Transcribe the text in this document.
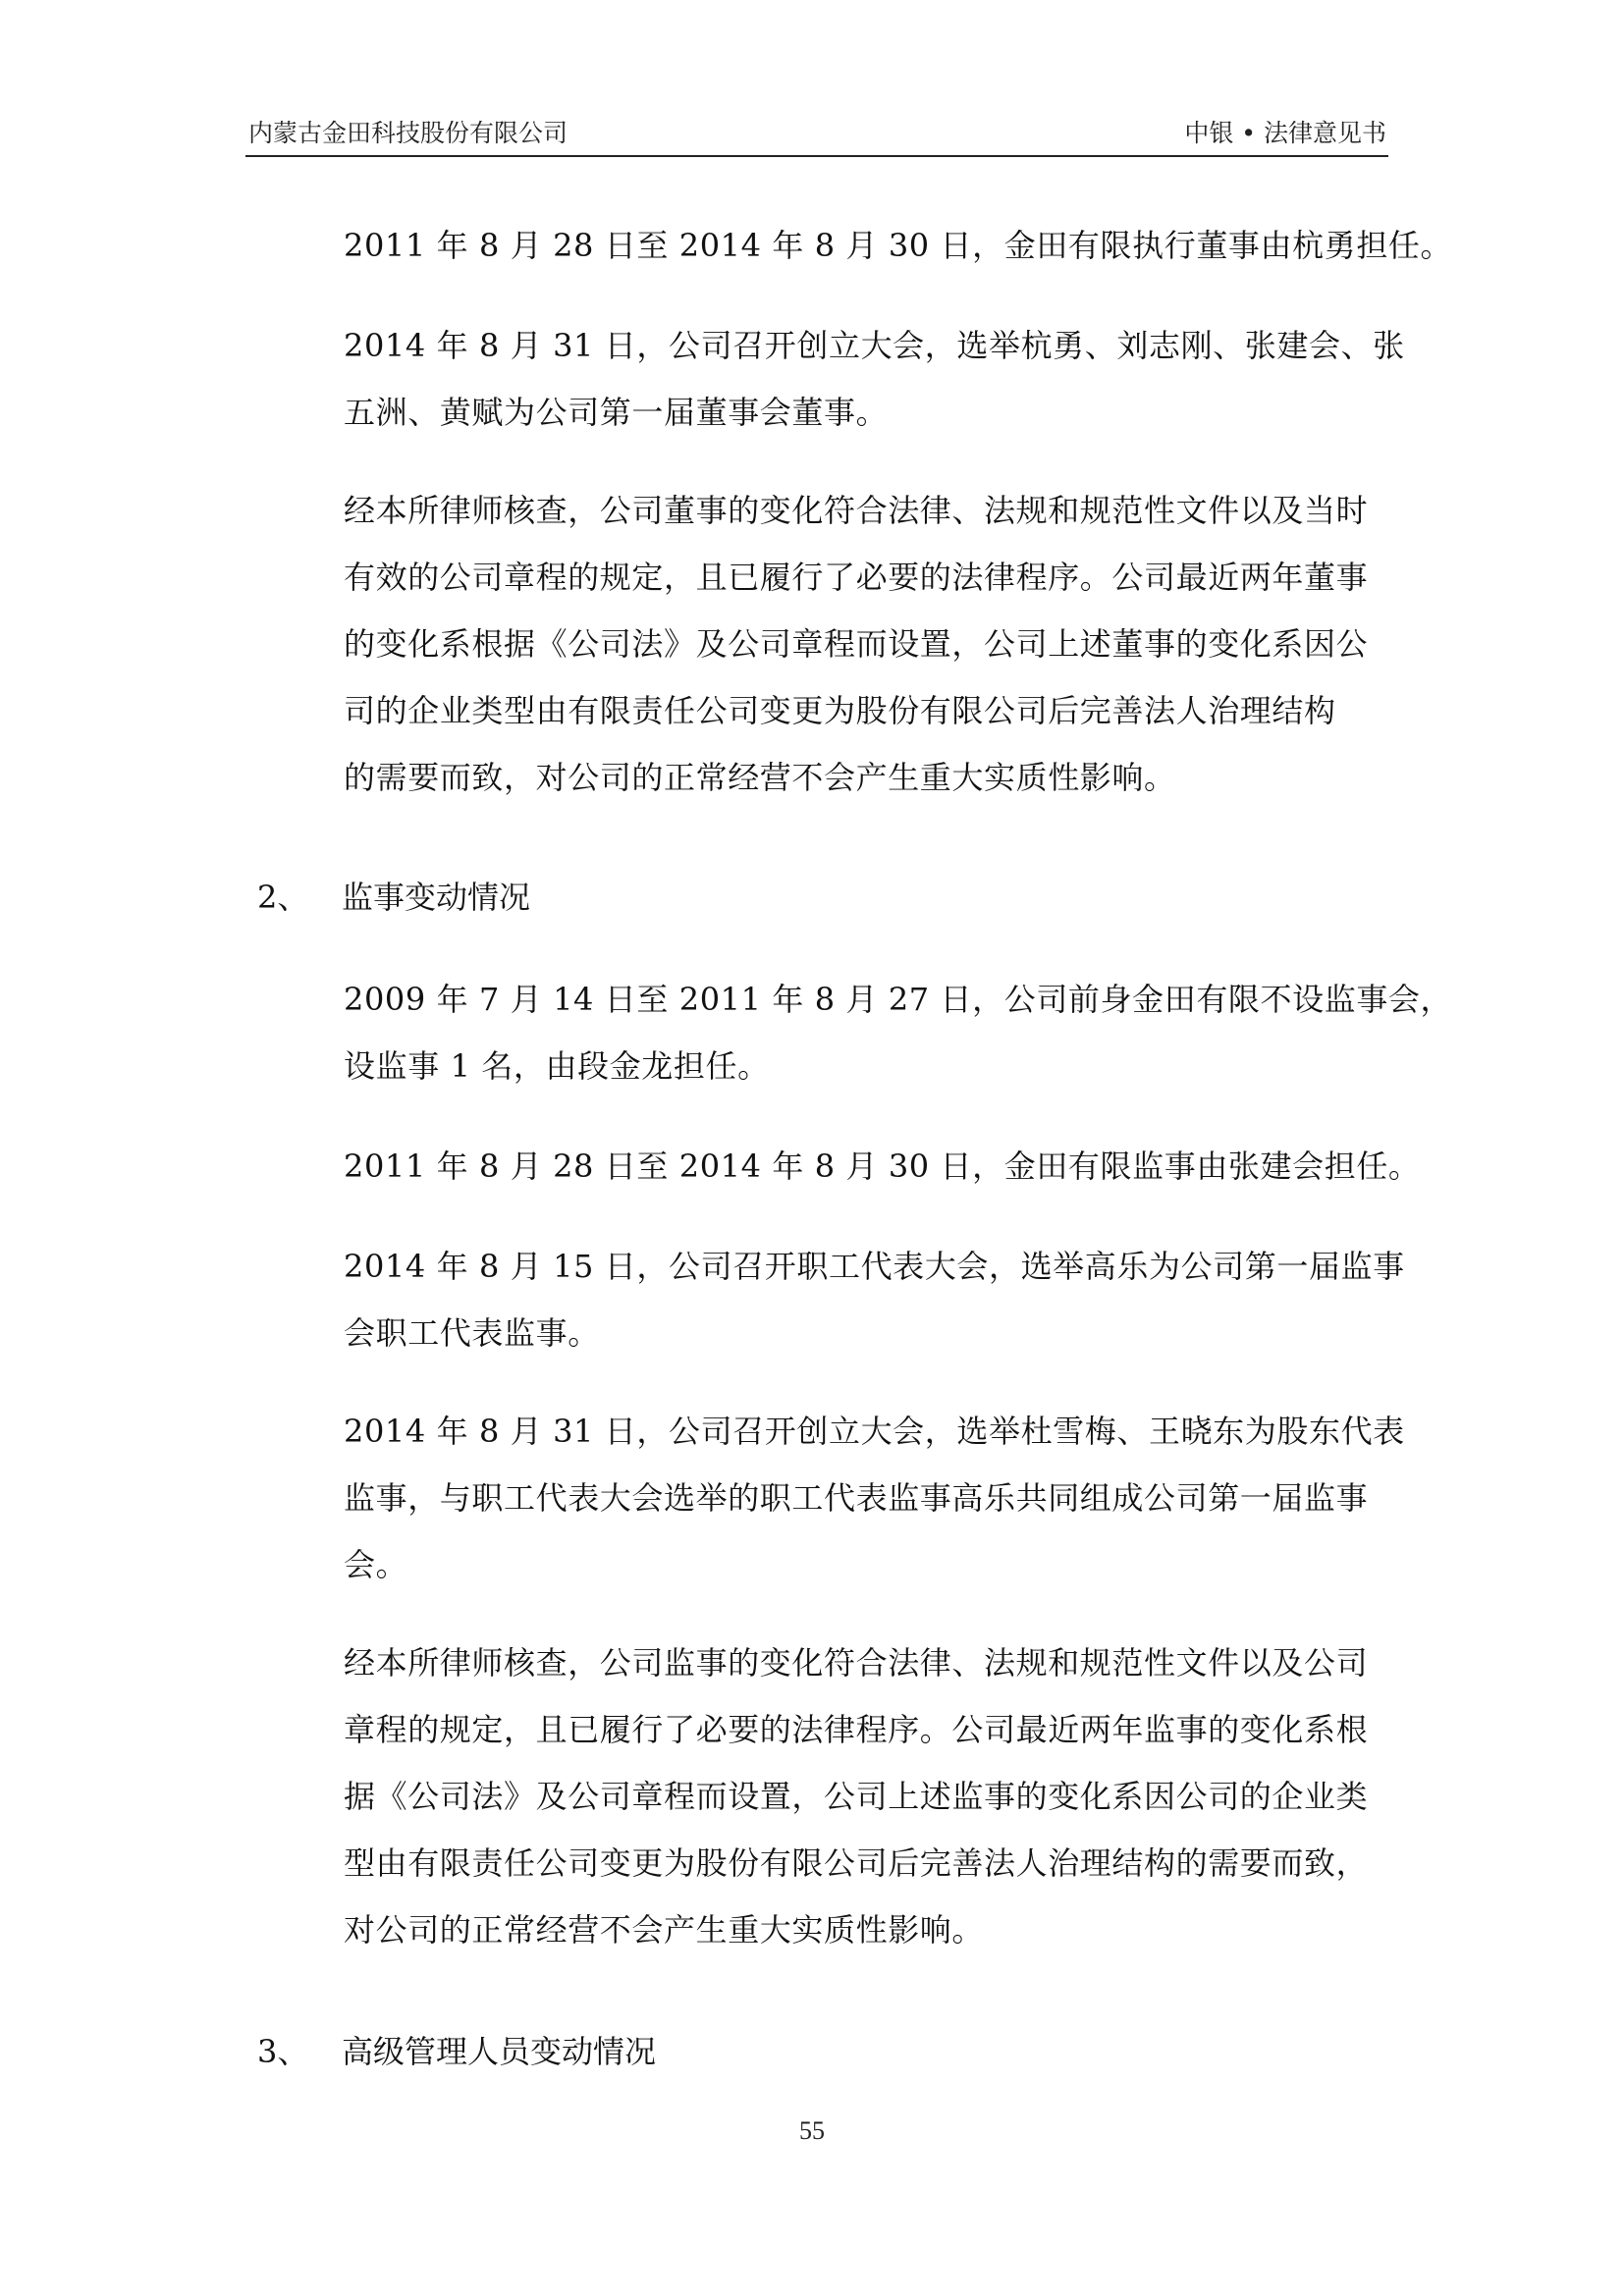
内蒙古金田科技股份有限公司	中银 • 法律意见书
2011 年 8 月 28 日至 2014 年 8 月 30 日，金田有限执行董事由杭勇担任。
2014 年 8 月 31 日，公司召开创立大会，选举杭勇、刘志刚、张建会、张
五洲、黄赋为公司第一届董事会董事。
经本所律师核查，公司董事的变化符合法律、法规和规范性文件以及当时
有效的公司章程的规定，且已履行了必要的法律程序。公司最近两年董事
的变化系根据《公司法》及公司章程而设置，公司上述董事的变化系因公
司的企业类型由有限责任公司变更为股份有限公司后完善法人治理结构
的需要而致，对公司的正常经营不会产生重大实质性影响。
2、 监事变动情况
2009 年 7 月 14 日至 2011 年 8 月 27 日，公司前身金田有限不设监事会，
设监事 1 名，由段金龙担任。
2011 年 8 月 28 日至 2014 年 8 月 30 日，金田有限监事由张建会担任。
2014 年 8 月 15 日，公司召开职工代表大会，选举高乐为公司第一届监事
会职工代表监事。
2014 年 8 月 31 日，公司召开创立大会，选举杜雪梅、王晓东为股东代表
监事，与职工代表大会选举的职工代表监事高乐共同组成公司第一届监事
会。
经本所律师核查，公司监事的变化符合法律、法规和规范性文件以及公司
章程的规定，且已履行了必要的法律程序。公司最近两年监事的变化系根
据《公司法》及公司章程而设置，公司上述监事的变化系因公司的企业类
型由有限责任公司变更为股份有限公司后完善法人治理结构的需要而致，
对公司的正常经营不会产生重大实质性影响。
3、 高级管理人员变动情况
55
